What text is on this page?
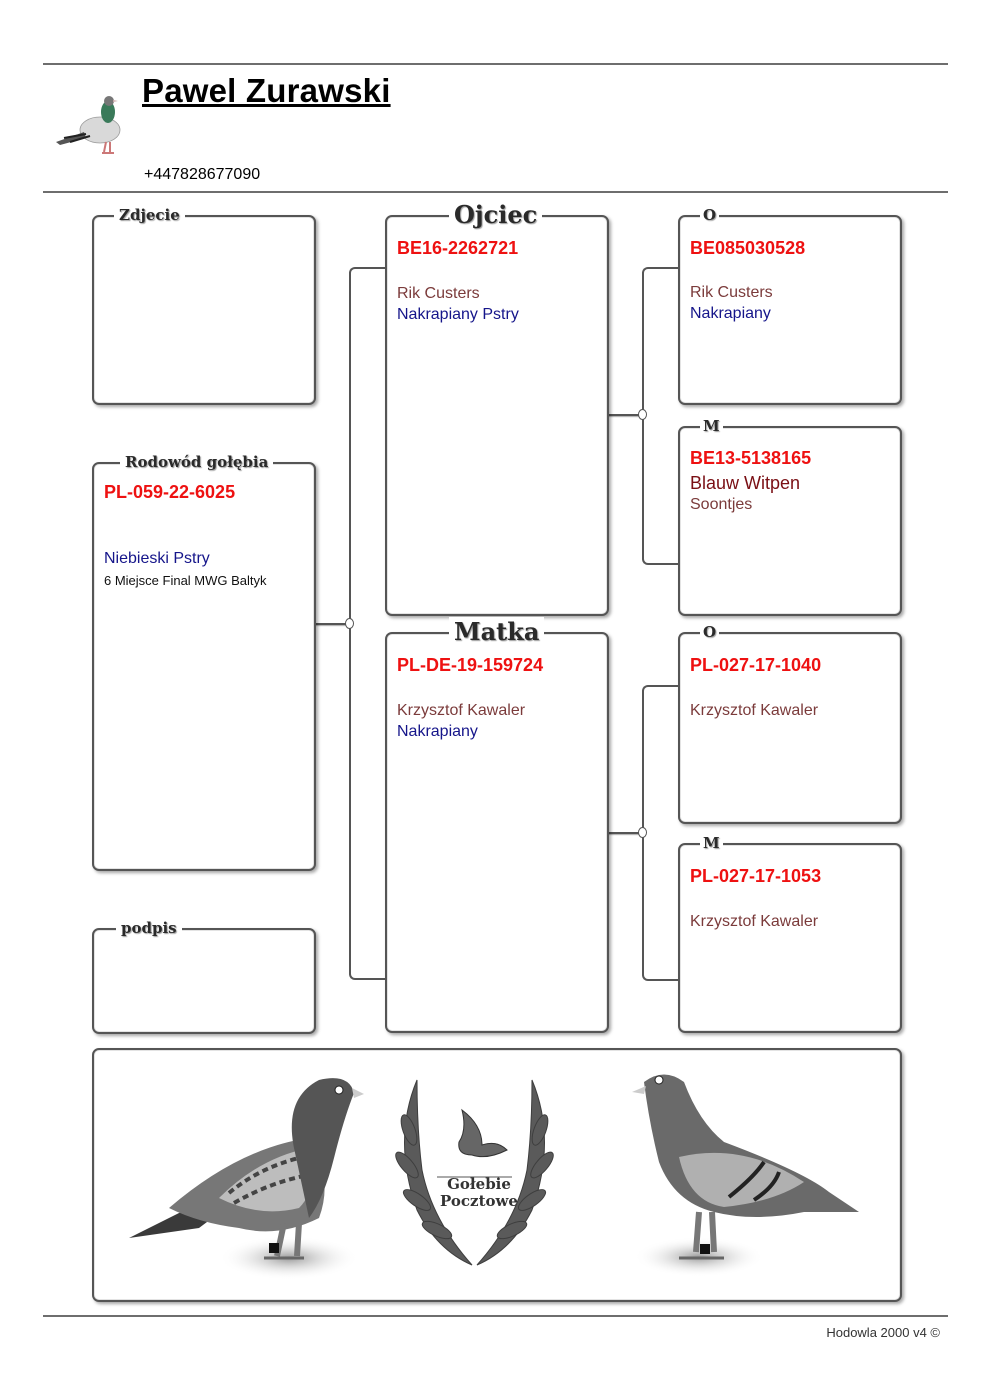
Pawel Zurawski
+447828677090
Zdjecie
Rodowód gołębia
PL-059-22-6025
Niebieski Pstry
6 Miejsce Final MWG Baltyk
podpis
Ojciec
BE16-2262721
Rik Custers
Nakrapiany Pstry
Matka
PL-DE-19-159724
Krzysztof Kawaler
Nakrapiany
O
BE085030528
Rik Custers
Nakrapiany
M
BE13-5138165
Blauw Witpen
Soontjes
O
PL-027-17-1040
Krzysztof Kawaler
M
PL-027-17-1053
Krzysztof Kawaler
Gołebie
Pocztowe
Hodowla 2000 v4 ©
